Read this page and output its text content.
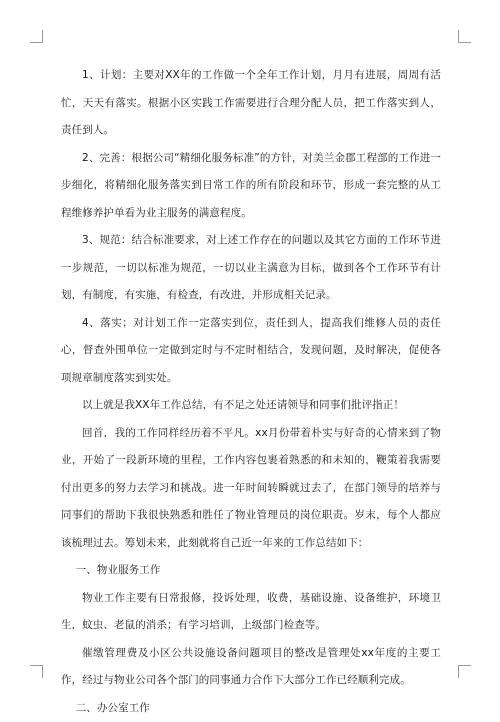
1、计划：主要对XX年的工作做一个全年工作计划，月月有进展，周周有活忙，天天有落实。根据小区实践工作需要进行合理分配人员，把工作落实到人，责任到人。

2、完善：根据公司“精细化服务标准”的方针，对美兰金郡工程部的工作进一步细化，将精细化服务落实到日常工作的所有阶段和环节，形成一套完整的从工程维修养护单看为业主服务的满意程度。

3、规范：结合标准要求，对上述工作存在的问题以及其它方面的工作环节进一步规范，一切以标准为规范，一切以业主满意为目标，做到各个工作环节有计划，有制度，有实施，有检查，有改进，并形成相关记录。

4、落实；对计划工作一定落实到位，责任到人，提高我们维修人员的责任心，督查外围单位一定做到定时与不定时相结合，发现问题，及时解决，促使各项规章制度落实到实处。

以上就是我XX年工作总结，有不足之处还请领导和同事们批评指正！

回首，我的工作同样经历着不平凡。xx月份带着朴实与好奇的心情来到了物业，开始了一段新环境的里程，工作内容包裹着熟悉的和未知的，鞭策着我需要付出更多的努力去学习和挑战。进一年时间转瞬就过去了，在部门领导的培养与同事们的帮助下我很快熟悉和胜任了物业管理员的岗位职责。岁末，每个人都应该梳理过去。筹划未来，此刻就将自己近一年来的工作总结如下：

一、物业服务工作

物业工作主要有日常报修，投诉处理，收费，基础设施、设备维护，环境卫生，蚊虫、老鼠的消杀；有学习培训，上级部门检查等。

催缴管理费及小区公共设施设备问题项目的整改是管理处xx年度的主要工作，经过与物业公司各个部门的同事通力合作下大部分工作已经顺利完成。

二、办公室工作
